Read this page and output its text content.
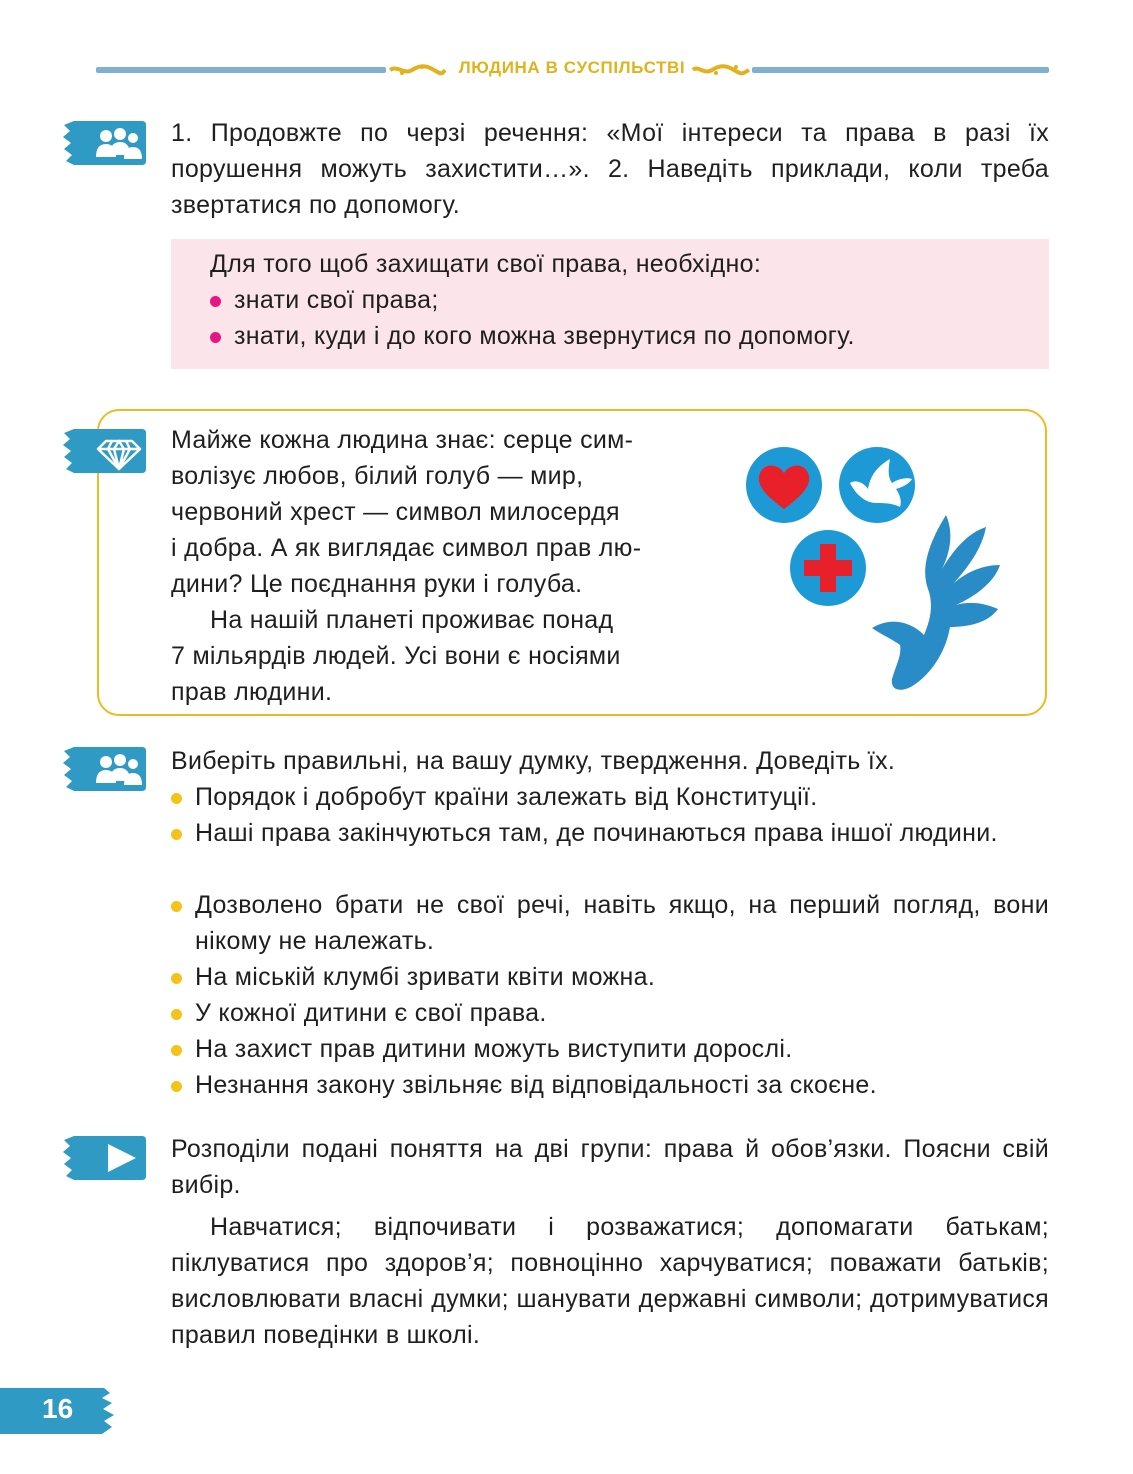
ЛЮДИНА В СУСПІЛЬСТВІ
1. Продовжте по черзі речення: «Мої інтереси та права в разі їх порушення можуть захистити…». 2. Наведіть приклади, коли треба звертатися по допомогу.
Для того щоб захищати свої права, необхідно:
знати свої права;
знати, куди і до кого можна звернутися по допомогу.
Майже кожна людина знає: серце сим-
волізує любов, білий голуб — мир,
червоний хрест — символ милосердя
і добра. А як виглядає символ прав лю-
дини? Це поєднання руки і голуба.
На нашій планеті проживає понад
7 мільярдів людей. Усі вони є носіями
прав людини.
Виберіть правильні, на вашу думку, твердження. Доведіть їх.
Порядок і добробут країни залежать від Конституції.
Наші права закінчуються там, де починаються права іншої людини.
Дозволено брати не свої речі, навіть якщо, на перший погляд, вони нікому не належать.
На міській клумбі зривати квіти можна.
У кожної дитини є свої права.
На захист прав дитини можуть виступити дорослі.
Незнання закону звільняє від відповідальності за скоєне.
Розподіли подані поняття на дві групи: права й обов’язки. Поясни свій вибір.
Навчатися; відпочивати і розважатися; допомагати батькам; піклуватися про здоров’я; повноцінно харчуватися; поважати батьків; висловлювати власні думки; шанувати державні символи; дотримуватися правил поведінки в школі.
16
